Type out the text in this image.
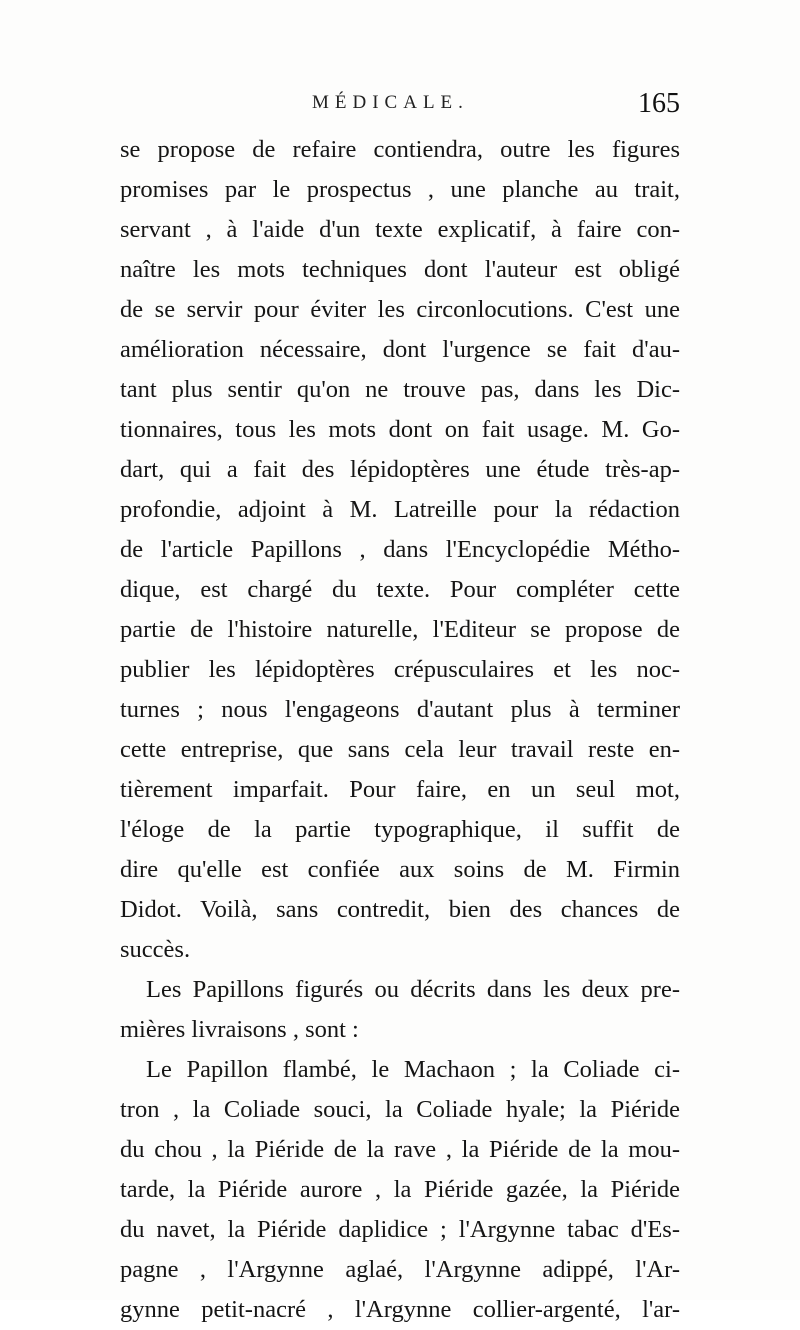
MÉDICALE.	165
se propose de refaire contiendra, outre les figures
promises par le prospectus , une planche au trait,
servant , à l'aide d'un texte explicatif, à faire con-
naître les mots techniques dont l'auteur est obligé
de se servir pour éviter les circonlocutions. C'est une
amélioration nécessaire, dont l'urgence se fait d'au-
tant plus sentir qu'on ne trouve pas, dans les Dic-
tionnaires, tous les mots dont on fait usage. M. Go-
dart, qui a fait des lépidoptères une étude très-ap-
profondie, adjoint à M. Latreille pour la rédaction
de l'article Papillons , dans l'Encyclopédie Métho-
dique, est chargé du texte. Pour compléter cette
partie de l'histoire naturelle, l'Editeur se propose de
publier les lépidoptères crépusculaires et les noc-
turnes ; nous l'engageons d'autant plus à terminer
cette entreprise, que sans cela leur travail reste en-
tièrement imparfait. Pour faire, en un seul mot,
l'éloge de la partie typographique, il suffit de
dire qu'elle est confiée aux soins de M. Firmin
Didot. Voilà, sans contredit, bien des chances de
succès.
Les Papillons figurés ou décrits dans les deux pre-
mières livraisons , sont :
Le Papillon flambé, le Machaon ; la Coliade ci-
tron , la Coliade souci, la Coliade hyale; la Piéride
du chou , la Piéride de la rave , la Piéride de la mou-
tarde, la Piéride aurore , la Piéride gazée, la Piéride
du navet, la Piéride daplidice ; l'Argynne tabac d'Es-
pagne , l'Argynne aglaé, l'Argynne adippé, l'Ar-
gynne petit-nacré , l'Argynne collier-argenté, l'ar-
